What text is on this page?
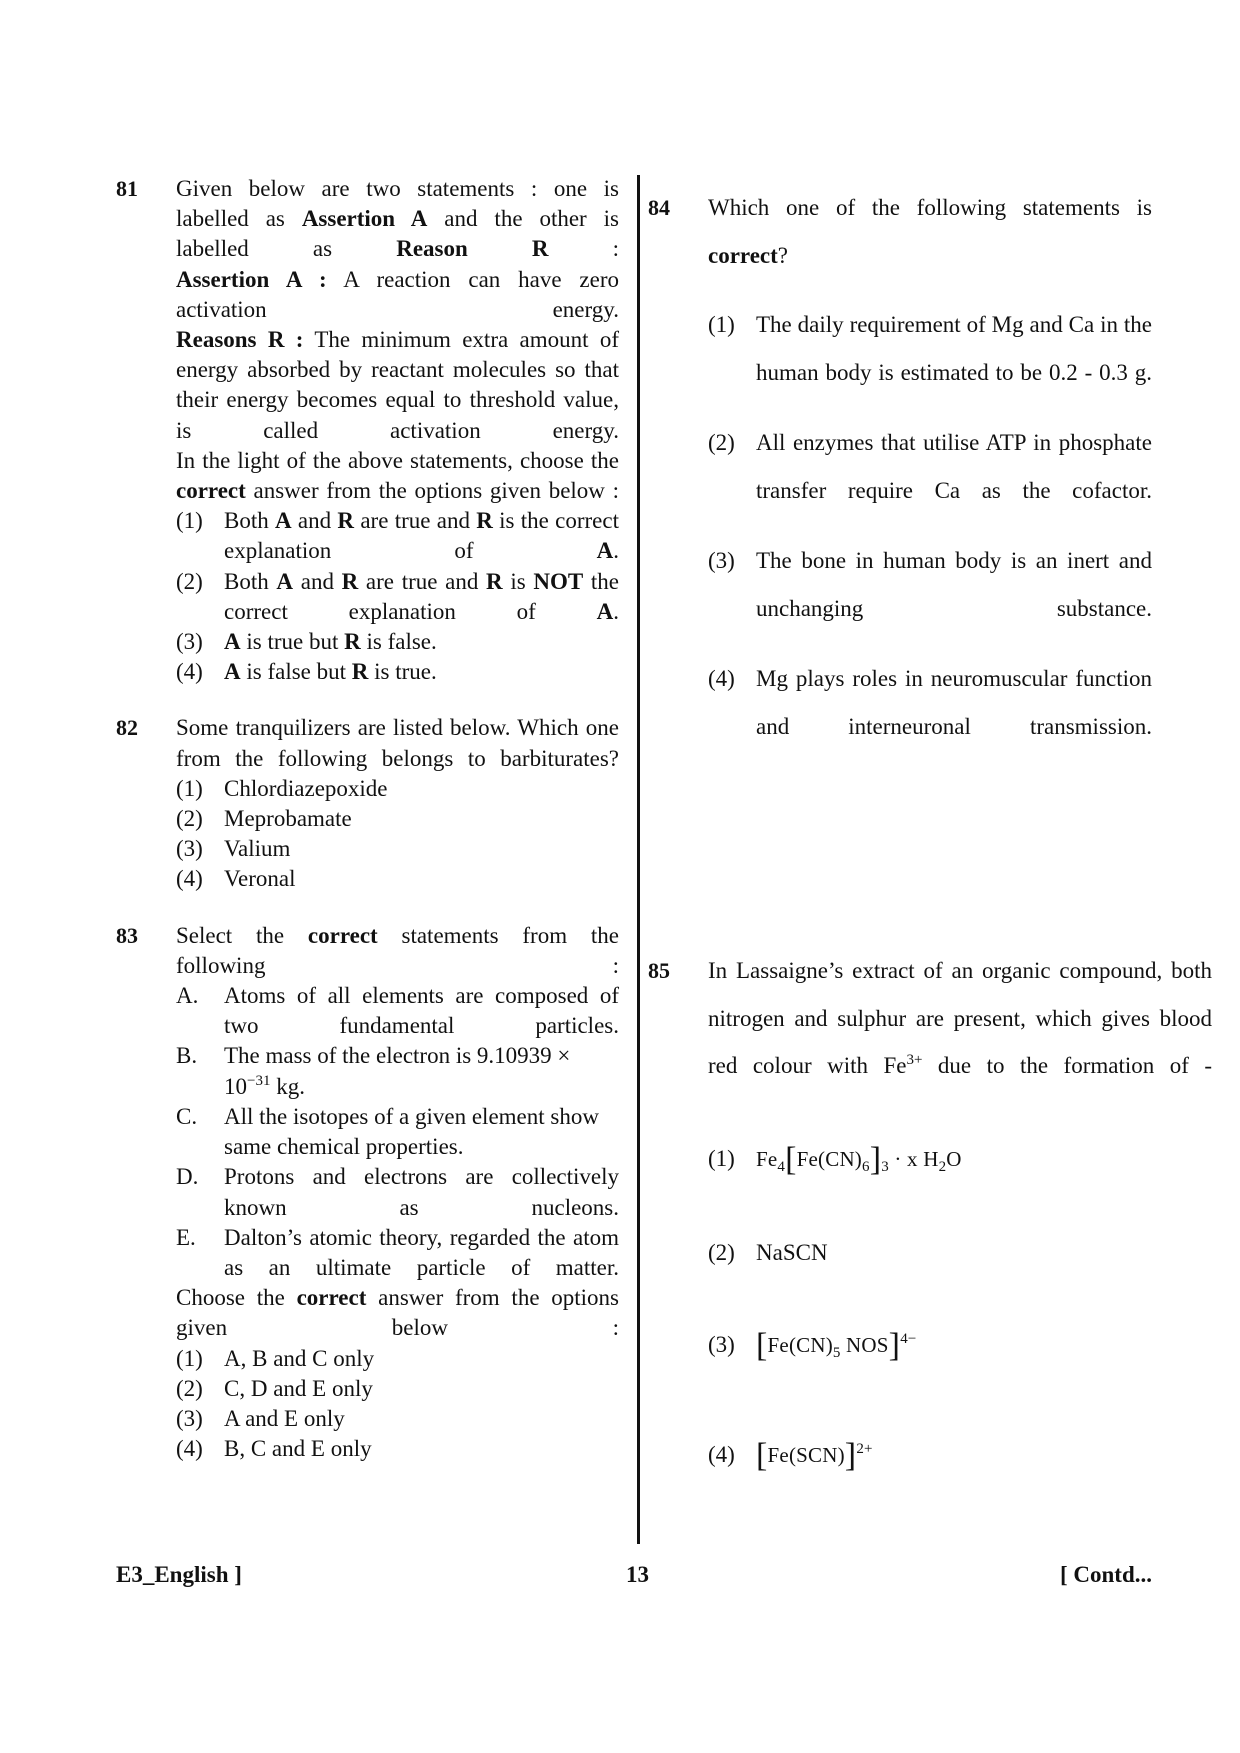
81 Given below are two statements : one is labelled as Assertion A and the other is labelled as Reason R :
Assertion A : A reaction can have zero activation energy.
Reasons R : The minimum extra amount of energy absorbed by reactant molecules so that their energy becomes equal to threshold value, is called activation energy.
In the light of the above statements, choose the correct answer from the options given below :
(1) Both A and R are true and R is the correct explanation of A.
(2) Both A and R are true and R is NOT the correct explanation of A.
(3) A is true but R is false.
(4) A is false but R is true.
82 Some tranquilizers are listed below. Which one from the following belongs to barbiturates?
(1) Chlordiazepoxide
(2) Meprobamate
(3) Valium
(4) Veronal
83 Select the correct statements from the following :
A. Atoms of all elements are composed of two fundamental particles.
B. The mass of the electron is $9.10939 \times 10^{-31}$ kg.
C. All the isotopes of a given element show same chemical properties.
D. Protons and electrons are collectively known as nucleons.
E. Dalton’s atomic theory, regarded the atom as an ultimate particle of matter.
Choose the correct answer from the options given below :
(1) A, B and C only
(2) C, D and E only
(3) A and E only
(4) B, C and E only
84 Which one of the following statements is correct?
(1) The daily requirement of Mg and Ca in the human body is estimated to be 0.2 - 0.3 g.
(2) All enzymes that utilise ATP in phosphate transfer require Ca as the cofactor.
(3) The bone in human body is an inert and unchanging substance.
(4) Mg plays roles in neuromuscular function and interneuronal transmission.
85 In Lassaigne’s extract of an organic compound, both nitrogen and sulphur are present, which gives blood red colour with $Fe^{3+}$ due to the formation of -
(1) $Fe_4[Fe(CN)_6]_3 \cdot x$ $H_2O$
(2) NaSCN
(3) [$Fe(CN)_5$ NOS]$^{4-}$
(4) $[Fe(SCN)]^{2+}$
E3_English ]	13	[ Contd...
